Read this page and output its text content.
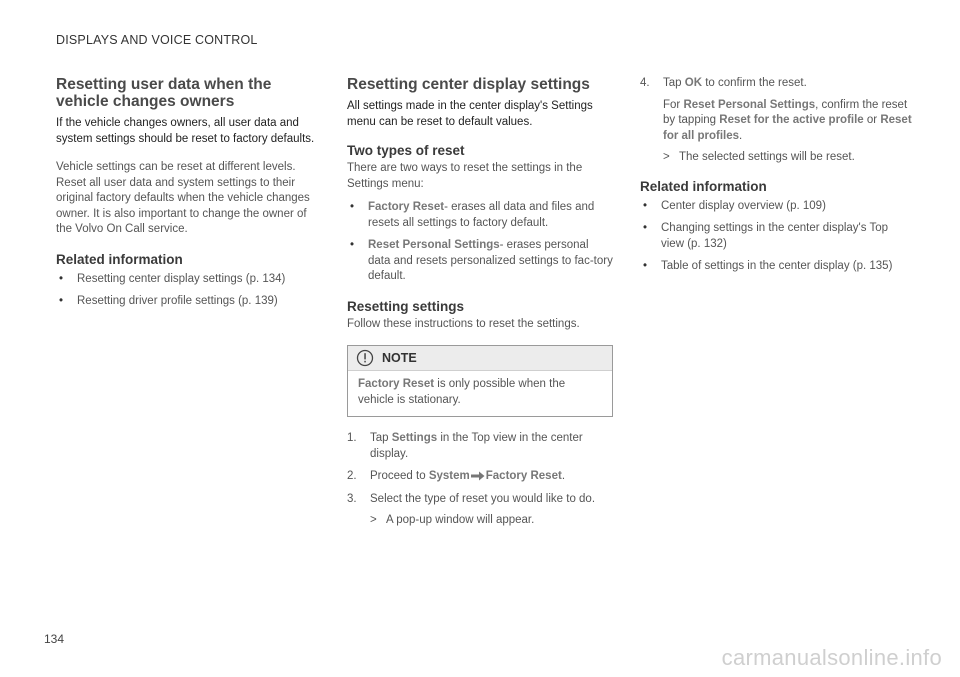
DISPLAYS AND VOICE CONTROL
Resetting user data when the vehicle changes owners

If the vehicle changes owners, all user data and system settings should be reset to factory defaults.

Vehicle settings can be reset at different levels. Reset all user data and system settings to their original factory defaults when the vehicle changes owner. It is also important to change the owner of the Volvo On Call service.

Related information
• Resetting center display settings (p. 134)
• Resetting driver profile settings (p. 139)
Resetting center display settings

All settings made in the center display's Settings menu can be reset to default values.

Two types of reset

There are two ways to reset the settings in the Settings menu:

• Factory Reset- erases all data and files and resets all settings to factory default.
• Reset Personal Settings- erases personal data and resets personalized settings to fac-tory default.
Resetting settings

Follow these instructions to reset the settings.

NOTE
Factory Reset is only possible when the vehicle is stationary.
1. Tap Settings in the Top view in the center display.
2. Proceed to System Factory Reset.
3. Select the type of reset you would like to do.
> A pop-up window will appear.
4. Tap OK to confirm the reset.
For Reset Personal Settings, confirm the reset by tapping Reset for the active profile or Reset for all profiles.
> The selected settings will be reset.
Related information
• Center display overview (p. 109)
• Changing settings in the center display's Top view (p. 132)
• Table of settings in the center display (p. 135)
134
carmanualsonline.info
